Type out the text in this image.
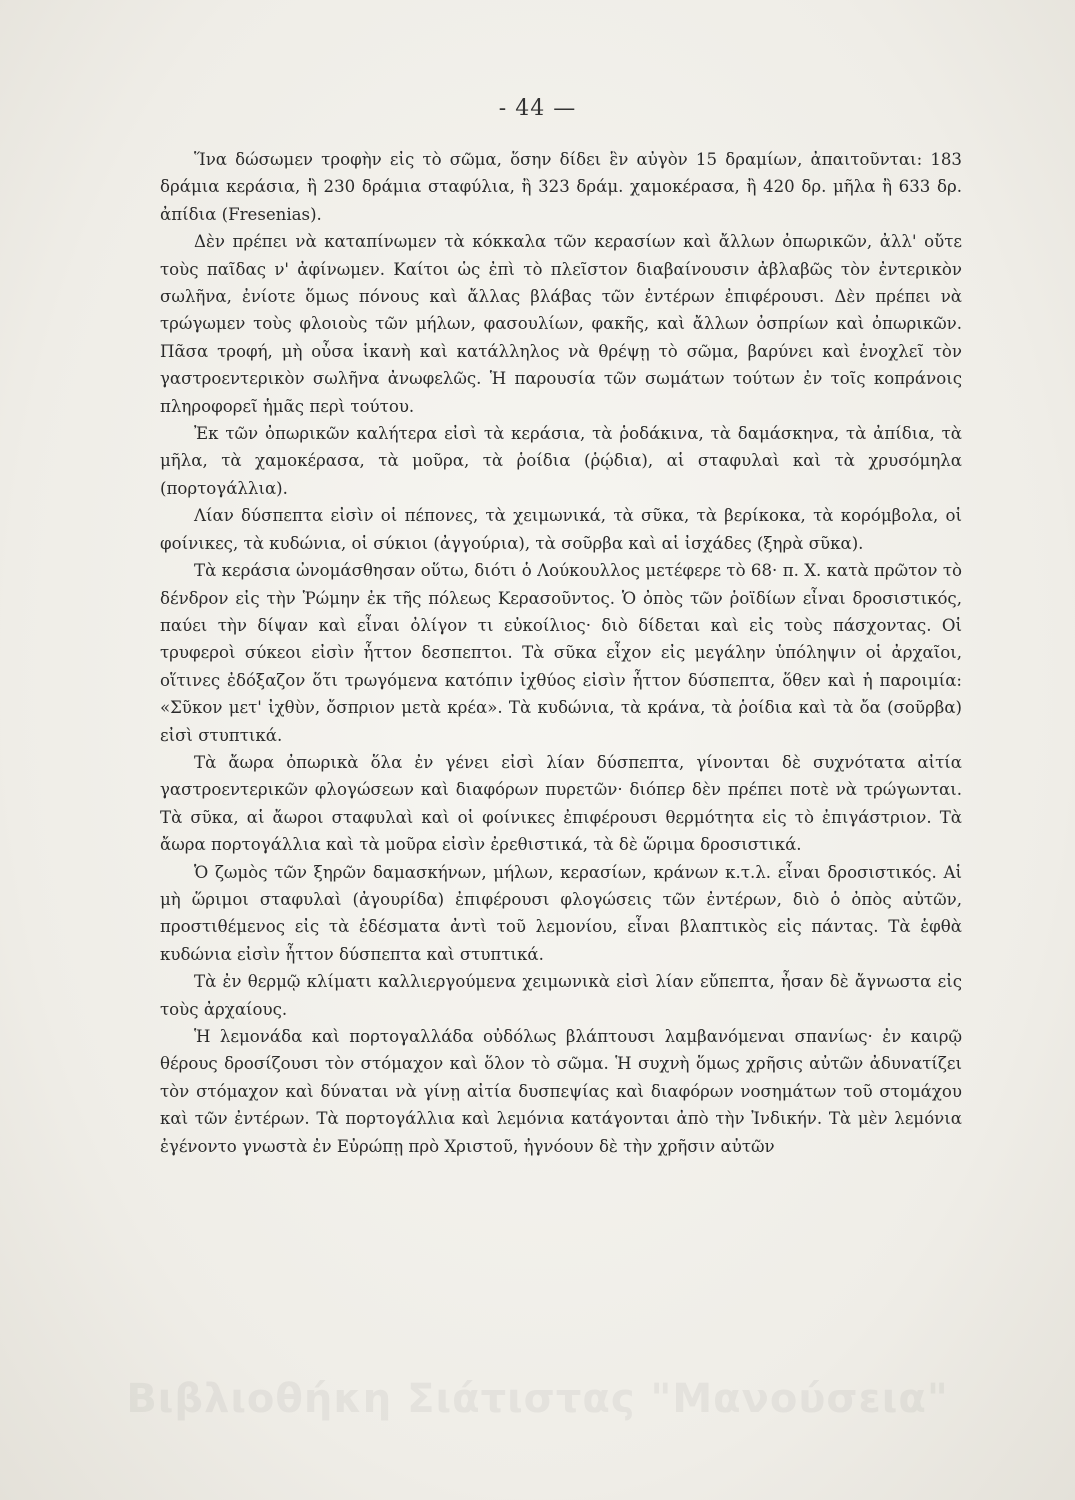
- 44 —

Ἵνα δώσωμεν τροφὴν εἰς τὸ σῶμα, ὅσην δίδει ἓν αὐγὸν 15 δραμίων, ἀπαιτοῦνται: 183 δράμια κεράσια, ἢ 230 δράμια σταφύλια, ἢ 323 δράμ. χαμοκέρασα, ἢ 420 δρ. μῆλα ἢ 633 δρ. ἀπίδια (Fresenias).

Δὲν πρέπει νὰ καταπίνωμεν τὰ κόκκαλα τῶν κερασίων καὶ ἄλλων ὀπωρικῶν, ἀλλ' οὔτε τοὺς παῖδας ν' ἀφίνωμεν. Καίτοι ὡς ἐπὶ τὸ πλεῖστον διαβαίνουσιν ἀβλαβῶς τὸν ἐντερικὸν σωλῆνα, ἐνίοτε ὅμως πόνους καὶ ἄλλας βλάβας τῶν ἐντέρων ἐπιφέρουσι. Δὲν πρέπει νὰ τρώγωμεν τοὺς φλοιοὺς τῶν μήλων, φασουλίων, φακῆς, καὶ ἄλλων ὀσπρίων καὶ ὀπωρικῶν. Πᾶσα τροφή, μὴ οὖσα ἱκανὴ καὶ κατάλληλος νὰ θρέψῃ τὸ σῶμα, βαρύνει καὶ ἐνοχλεῖ τὸν γαστροεντερικὸν σωλῆνα ἀνωφελῶς. Ἡ παρουσία τῶν σωμάτων τούτων ἐν τοῖς κοπράνοις πληροφορεῖ ἡμᾶς περὶ τούτου.

Ἐκ τῶν ὀπωρικῶν καλήτερα εἰσὶ τὰ κεράσια, τὰ ῥοδάκινα, τὰ δαμάσκηνα, τὰ ἀπίδια, τὰ μῆλα, τὰ χαμοκέρασα, τὰ μοῦρα, τὰ ῥοίδια (ῥῴδια), αἱ σταφυλαὶ καὶ τὰ χρυσόμηλα (πορτογάλλια).

Λίαν δύσπεπτα εἰσὶν οἱ πέπονες, τὰ χειμωνικά, τὰ σῦκα, τὰ βερίκοκα, τὰ κορόμβολα, οἱ φοίνικες, τὰ κυδώνια, οἱ σύκιοι (ἀγγούρια), τὰ σοῦρβα καὶ αἱ ἰσχάδες (ξηρὰ σῦκα).

Τὰ κεράσια ὠνομάσθησαν οὕτω, διότι ὁ Λούκουλλος μετέφερε τὸ 68· π. Χ. κατὰ πρῶτον τὸ δένδρον εἰς τὴν Ῥώμην ἐκ τῆς πόλεως Κερασοῦντος. Ὁ ὀπὸς τῶν ῥοϊδίων εἶναι δροσιστικός, παύει τὴν δίψαν καὶ εἶναι ὀλίγον τι εὐκοίλιος· διὸ δίδεται καὶ εἰς τοὺς πάσχοντας. Οἱ τρυφεροὶ σύκεοι εἰσὶν ἧττον δεσπεπτοι. Τὰ σῦκα εἶχον εἰς μεγάλην ὑπόληψιν οἱ ἀρχαῖοι, οἵτινες ἐδόξαζον ὅτι τρωγόμενα κατόπιν ἰχθύος εἰσὶν ἧττον δύσπεπτα, ὅθεν καὶ ἡ παροιμία: «Σῦκον μετ' ἰχθὺν, ὄσπριον μετὰ κρέα». Τὰ κυδώνια, τὰ κράνα, τὰ ῥοίδια καὶ τὰ ὄα (σοῦρβα) εἰσὶ στυπτικά.

Τὰ ἄωρα ὀπωρικὰ ὅλα ἐν γένει εἰσὶ λίαν δύσπεπτα, γίνονται δὲ συχνότατα αἰτία γαστροεντερικῶν φλογώσεων καὶ διαφόρων πυρετῶν· διόπερ δὲν πρέπει ποτὲ νὰ τρώγωνται. Τὰ σῦκα, αἱ ἄωροι σταφυλαὶ καὶ οἱ φοίνικες ἐπιφέρουσι θερμότητα εἰς τὸ ἐπιγάστριον. Τὰ ἄωρα πορτογάλλια καὶ τὰ μοῦρα εἰσὶν ἐρεθιστικά, τὰ δὲ ὥριμα δροσιστικά.

Ὁ ζωμὸς τῶν ξηρῶν δαμασκήνων, μήλων, κερασίων, κράνων κ.τ.λ. εἶναι δροσιστικός. Αἱ μὴ ὥριμοι σταφυλαὶ (ἀγουρίδα) ἐπιφέρουσι φλογώσεις τῶν ἐντέρων, διὸ ὁ ὀπὸς αὐτῶν, προστιθέμενος εἰς τὰ ἐδέσματα ἀντὶ τοῦ λεμονίου, εἶναι βλαπτικὸς εἰς πάντας. Τὰ ἑφθὰ κυδώνια εἰσὶν ἧττον δύσπεπτα καὶ στυπτικά.

Τὰ ἐν θερμῷ κλίματι καλλιεργούμενα χειμωνικὰ εἰσὶ λίαν εὔπεπτα, ἦσαν δὲ ἄγνωστα εἰς τοὺς ἀρχαίους.

Ἡ λεμονάδα καὶ πορτογαλλάδα οὐδόλως βλάπτουσι λαμβανόμεναι σπανίως· ἐν καιρῷ θέρους δροσίζουσι τὸν στόμαχον καὶ ὅλον τὸ σῶμα. Ἡ συχνὴ ὅμως χρῆσις αὐτῶν ἀδυνατίζει τὸν στόμαχον καὶ δύναται νὰ γίνῃ αἰτία δυσπεψίας καὶ διαφόρων νοσημάτων τοῦ στομάχου καὶ τῶν ἐντέρων. Τὰ πορτογάλλια καὶ λεμόνια κατάγονται ἀπὸ τὴν Ἰνδικήν. Τὰ μὲν λεμόνια ἐγένοντο γνωστὰ ἐν Εὐρώπῃ πρὸ Χριστοῦ, ἠγνόουν δὲ τὴν χρῆσιν αὐτῶν

Βιβλιοθήκη Σιάτιστας "Μανούσεια"
